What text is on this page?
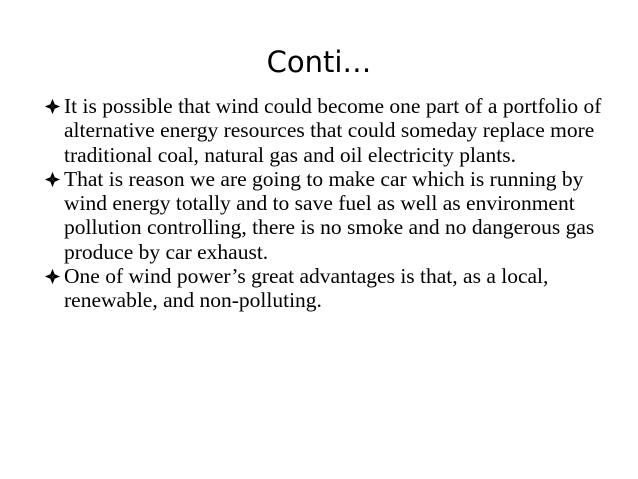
Conti…
It is possible that wind could become one part of a portfolio of alternative energy resources that could someday replace more traditional coal, natural gas and oil electricity plants.
That is reason we are going to make car which is running by wind energy totally and to save fuel as well as environment pollution controlling, there is no smoke and no dangerous gas produce by car exhaust.
One of wind power’s great advantages is that, as a local, renewable, and non-polluting.
